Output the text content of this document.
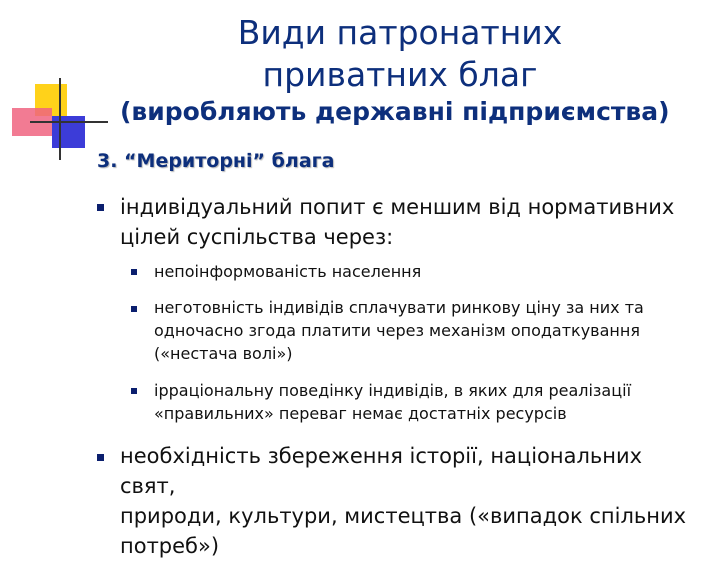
Види патронатних
приватних благ
(виробляють державні підприємства)
3. “Мериторні” блага
індивідуальний попит є меншим від нормативних
цілей суспільства через:
непоінформованість населення
неготовність індивідів сплачувати ринкову ціну за них та
одночасно згода платити через механізм оподаткування
(«нестача волі»)
ірраціональну поведінку індивідів, в яких для реалізації
«правильних» переваг немає достатніх ресурсів
необхідність збереження історії, національних свят,
природи, культури, мистецтва («випадок спільних
потреб»)
